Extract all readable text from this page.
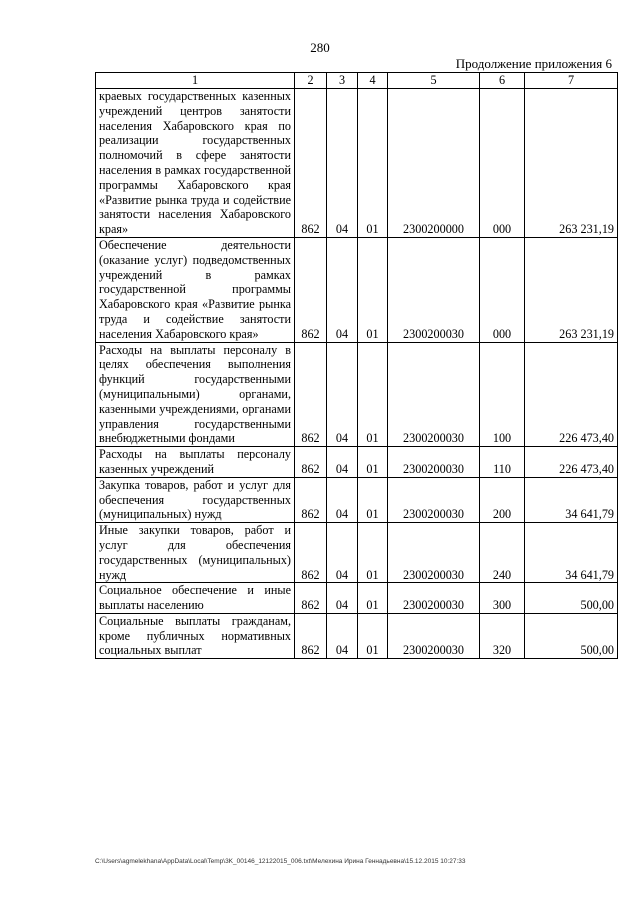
280
Продолжение приложения 6
1	2	3	4	5	6	7
краевых государственных казенных учреждений центров занятости населения Хабаровского края по реализации государственных полномочий в сфере занятости населения в рамках государственной программы Хабаровского края «Развитие рынка труда и содействие занятости населения Хабаровского края»	862	04	01	2300200000	000	263 231,19
Обеспечение деятельности (оказание услуг) подведомственных учреждений в рамках государственной программы Хабаровского края «Развитие рынка труда и содействие занятости населения Хабаровского края»	862	04	01	2300200030	000	263 231,19
Расходы на выплаты персоналу в целях обеспечения выполнения функций государственными (муниципальными) органами, казенными учреждениями, органами управления государственными внебюджетными фондами	862	04	01	2300200030	100	226 473,40
Расходы на выплаты персоналу казенных учреждений	862	04	01	2300200030	110	226 473,40
Закупка товаров, работ и услуг для обеспечения государственных (муниципальных) нужд	862	04	01	2300200030	200	34 641,79
Иные закупки товаров, работ и услуг для обеспечения государственных (муниципальных) нужд	862	04	01	2300200030	240	34 641,79
Социальное обеспечение и иные выплаты населению	862	04	01	2300200030	300	500,00
Социальные выплаты гражданам, кроме публичных нормативных социальных выплат	862	04	01	2300200030	320	500,00
C:\Users\agmelekhana\AppData\Local\Temp\3K_00146_12122015_006.txt\Мелехина Ирина Геннадьевна\15.12.2015 10:27:33
